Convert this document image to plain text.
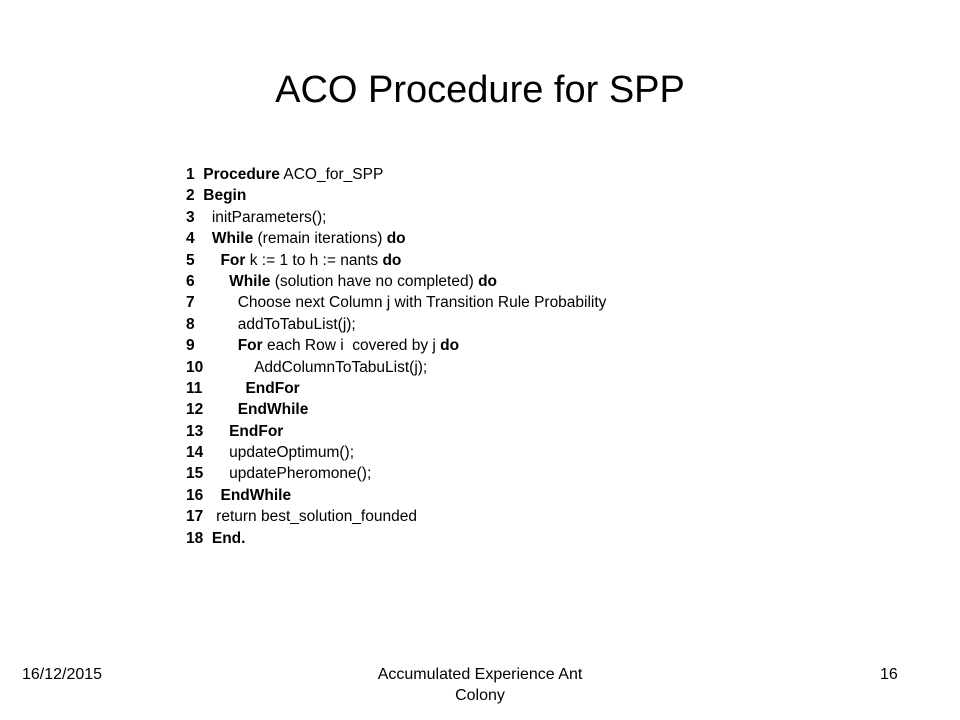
ACO Procedure for SPP
1 Procedure ACO_for_SPP
2 Begin
3 initParameters();
4 While (remain iterations) do
5 For k := 1 to h := nants do
6 While (solution have no completed) do
7	Choose next Column j with Transition Rule Probability
8	addToTabuList(j);
9	For each Row i  covered by j do
10	AddColumnToTabuList(j);
11	EndFor
12 EndWhile
13 EndFor
14 updateOptimum();
15 updatePheromone();
16 EndWhile
17 return best_solution_founded
18 End.
16/12/2015	Accumulated Experience Ant
Colony
16
